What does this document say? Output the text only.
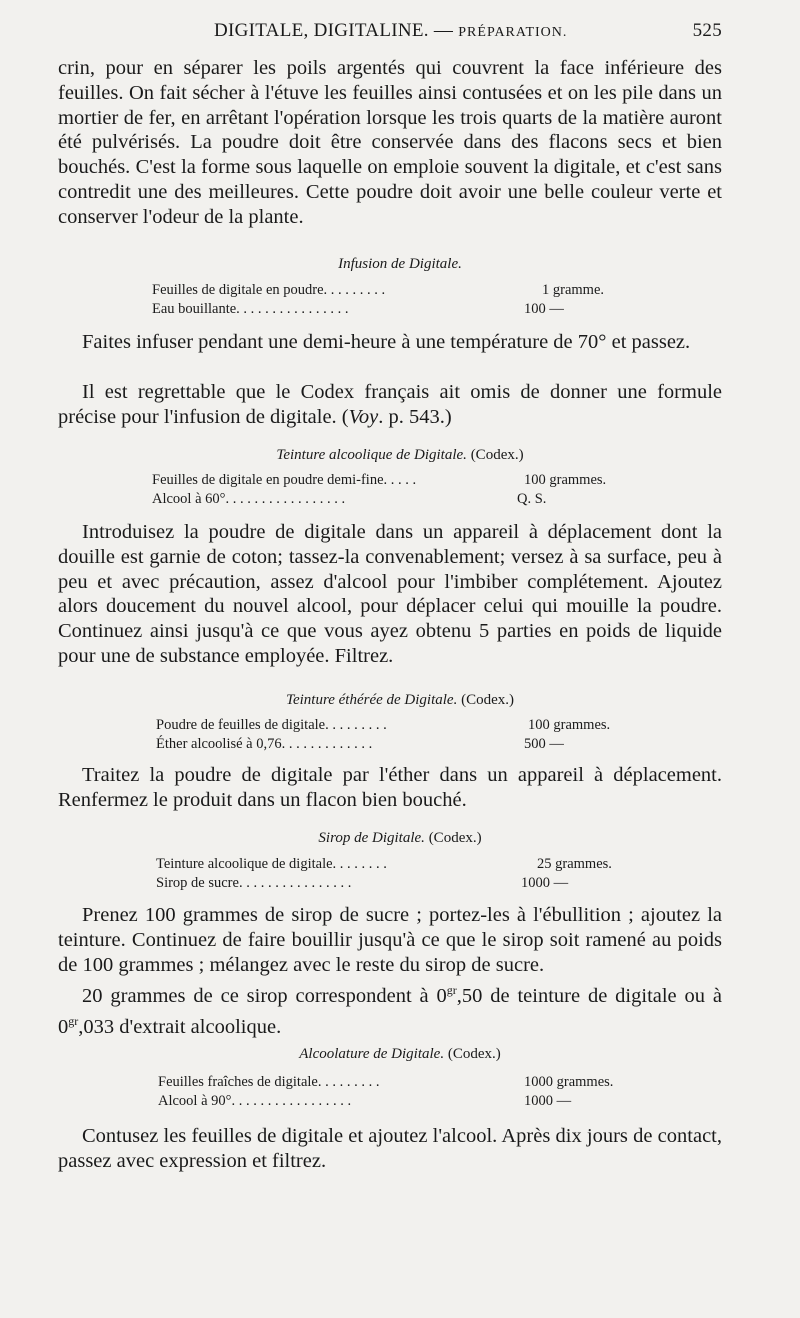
DIGITALE, DIGITALINE. — PRÉPARATION.	525

crin, pour en séparer les poils argentés qui couvrent la face inférieure des feuilles. On fait sécher à l'étuve les feuilles ainsi contusées et on les pile dans un mortier de fer, en arrêtant l'opération lorsque les trois quarts de la matière auront été pulvérisés. La poudre doit être conservée dans des flacons secs et bien bouchés. C'est la forme sous laquelle on emploie souvent la digitale, et c'est sans contredit une des meilleures. Cette poudre doit avoir une belle couleur verte et conserver l'odeur de la plante.

Infusion de Digitale.
Feuilles de digitale en poudre. . . . . . . . .	1 gramme.
Eau bouillante. . . . . . . . . . . . . . . .	100 —

Faites infuser pendant une demi-heure à une température de 70° et passez.

Il est regrettable que le Codex français ait omis de donner une formule précise pour l'infusion de digitale. (Voy. p. 543.)

Teinture alcoolique de Digitale. (Codex.)
Feuilles de digitale en poudre demi-fine. . . . .	100 grammes.
Alcool à 60°. . . . . . . . . . . . . . . . .	Q. S.

Introduisez la poudre de digitale dans un appareil à déplacement dont la douille est garnie de coton; tassez-la convenablement; versez à sa surface, peu à peu et avec précaution, assez d'alcool pour l'imbiber complétement. Ajoutez alors doucement du nouvel alcool, pour déplacer celui qui mouille la poudre. Continuez ainsi jusqu'à ce que vous ayez obtenu 5 parties en poids de liquide pour une de substance employée. Filtrez.

Teinture éthérée de Digitale. (Codex.)
Poudre de feuilles de digitale. . . . . . . . .	100 grammes.
Éther alcoolisé à 0,76. . . . . . . . . . . . .	500 —

Traitez la poudre de digitale par l'éther dans un appareil à déplacement. Renfermez le produit dans un flacon bien bouché.

Sirop de Digitale. (Codex.)
Teinture alcoolique de digitale. . . . . . . .	25 grammes.
Sirop de sucre. . . . . . . . . . . . . . . .	1000 —

Prenez 100 grammes de sirop de sucre ; portez-les à l'ébullition ; ajoutez la teinture. Continuez de faire bouillir jusqu'à ce que le sirop soit ramené au poids de 100 grammes ; mélangez avec le reste du sirop de sucre.

20 grammes de ce sirop correspondent à $0^{gr},50$ de teinture de digitale ou à $0^{gr},033$ d'extrait alcoolique.

Alcoolature de Digitale. (Codex.)
Feuilles fraîches de digitale. . . . . . . . .	1000 grammes.
Alcool à 90°. . . . . . . . . . . . . . . . .	1000 —

Contusez les feuilles de digitale et ajoutez l'alcool. Après dix jours de contact, passez avec expression et filtrez.
